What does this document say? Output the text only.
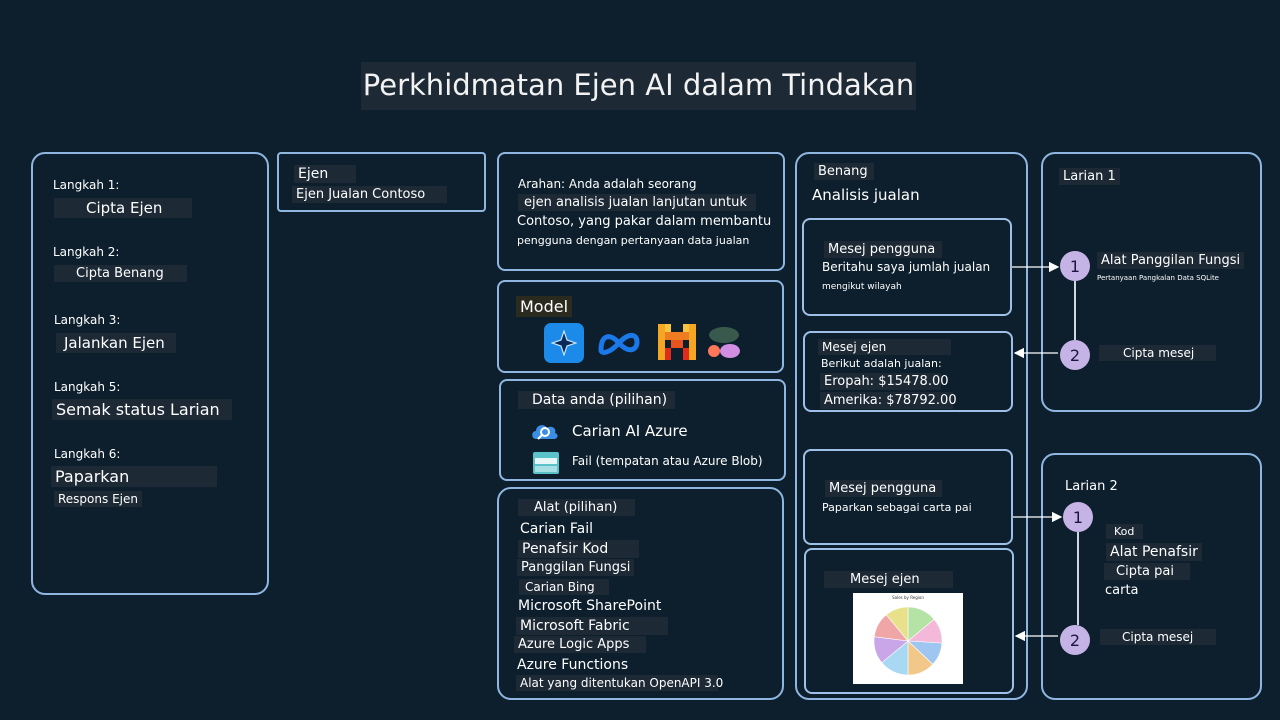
Perkhidmatan Ejen AI dalam Tindakan
Langkah 1:
Cipta Ejen
Langkah 2:
Cipta Benang
Langkah 3:
Jalankan Ejen
Langkah 5:
Semak status Larian
Langkah 6:
Paparkan
Respons Ejen
Ejen
Ejen Jualan Contoso
Arahan: Anda adalah seorang
ejen analisis jualan lanjutan untuk
Contoso, yang pakar dalam membantu
pengguna dengan pertanyaan data jualan
Model
Data anda (pilihan)
Carian AI Azure
Fail (tempatan atau Azure Blob)
Alat (pilihan)
Carian Fail
Penafsir Kod
Panggilan Fungsi
Carian Bing
Microsoft SharePoint
Microsoft Fabric
Azure Logic Apps
Azure Functions
Alat yang ditentukan OpenAPI 3.0
Benang
Analisis jualan
Mesej pengguna
Beritahu saya jumlah jualan
mengikut wilayah
Mesej ejen
Berikut adalah jualan:
Eropah: $15478.00
Amerika: $78792.00
Mesej pengguna
Paparkan sebagai carta pai
Mesej ejen
Sales by Region
Larian 1
1	Alat Panggilan Fungsi
Pertanyaan Pangkalan Data SQLite
2	Cipta mesej
Larian 2
1
Kod
Alat Penafsir
Cipta pai
carta
2	Cipta mesej
